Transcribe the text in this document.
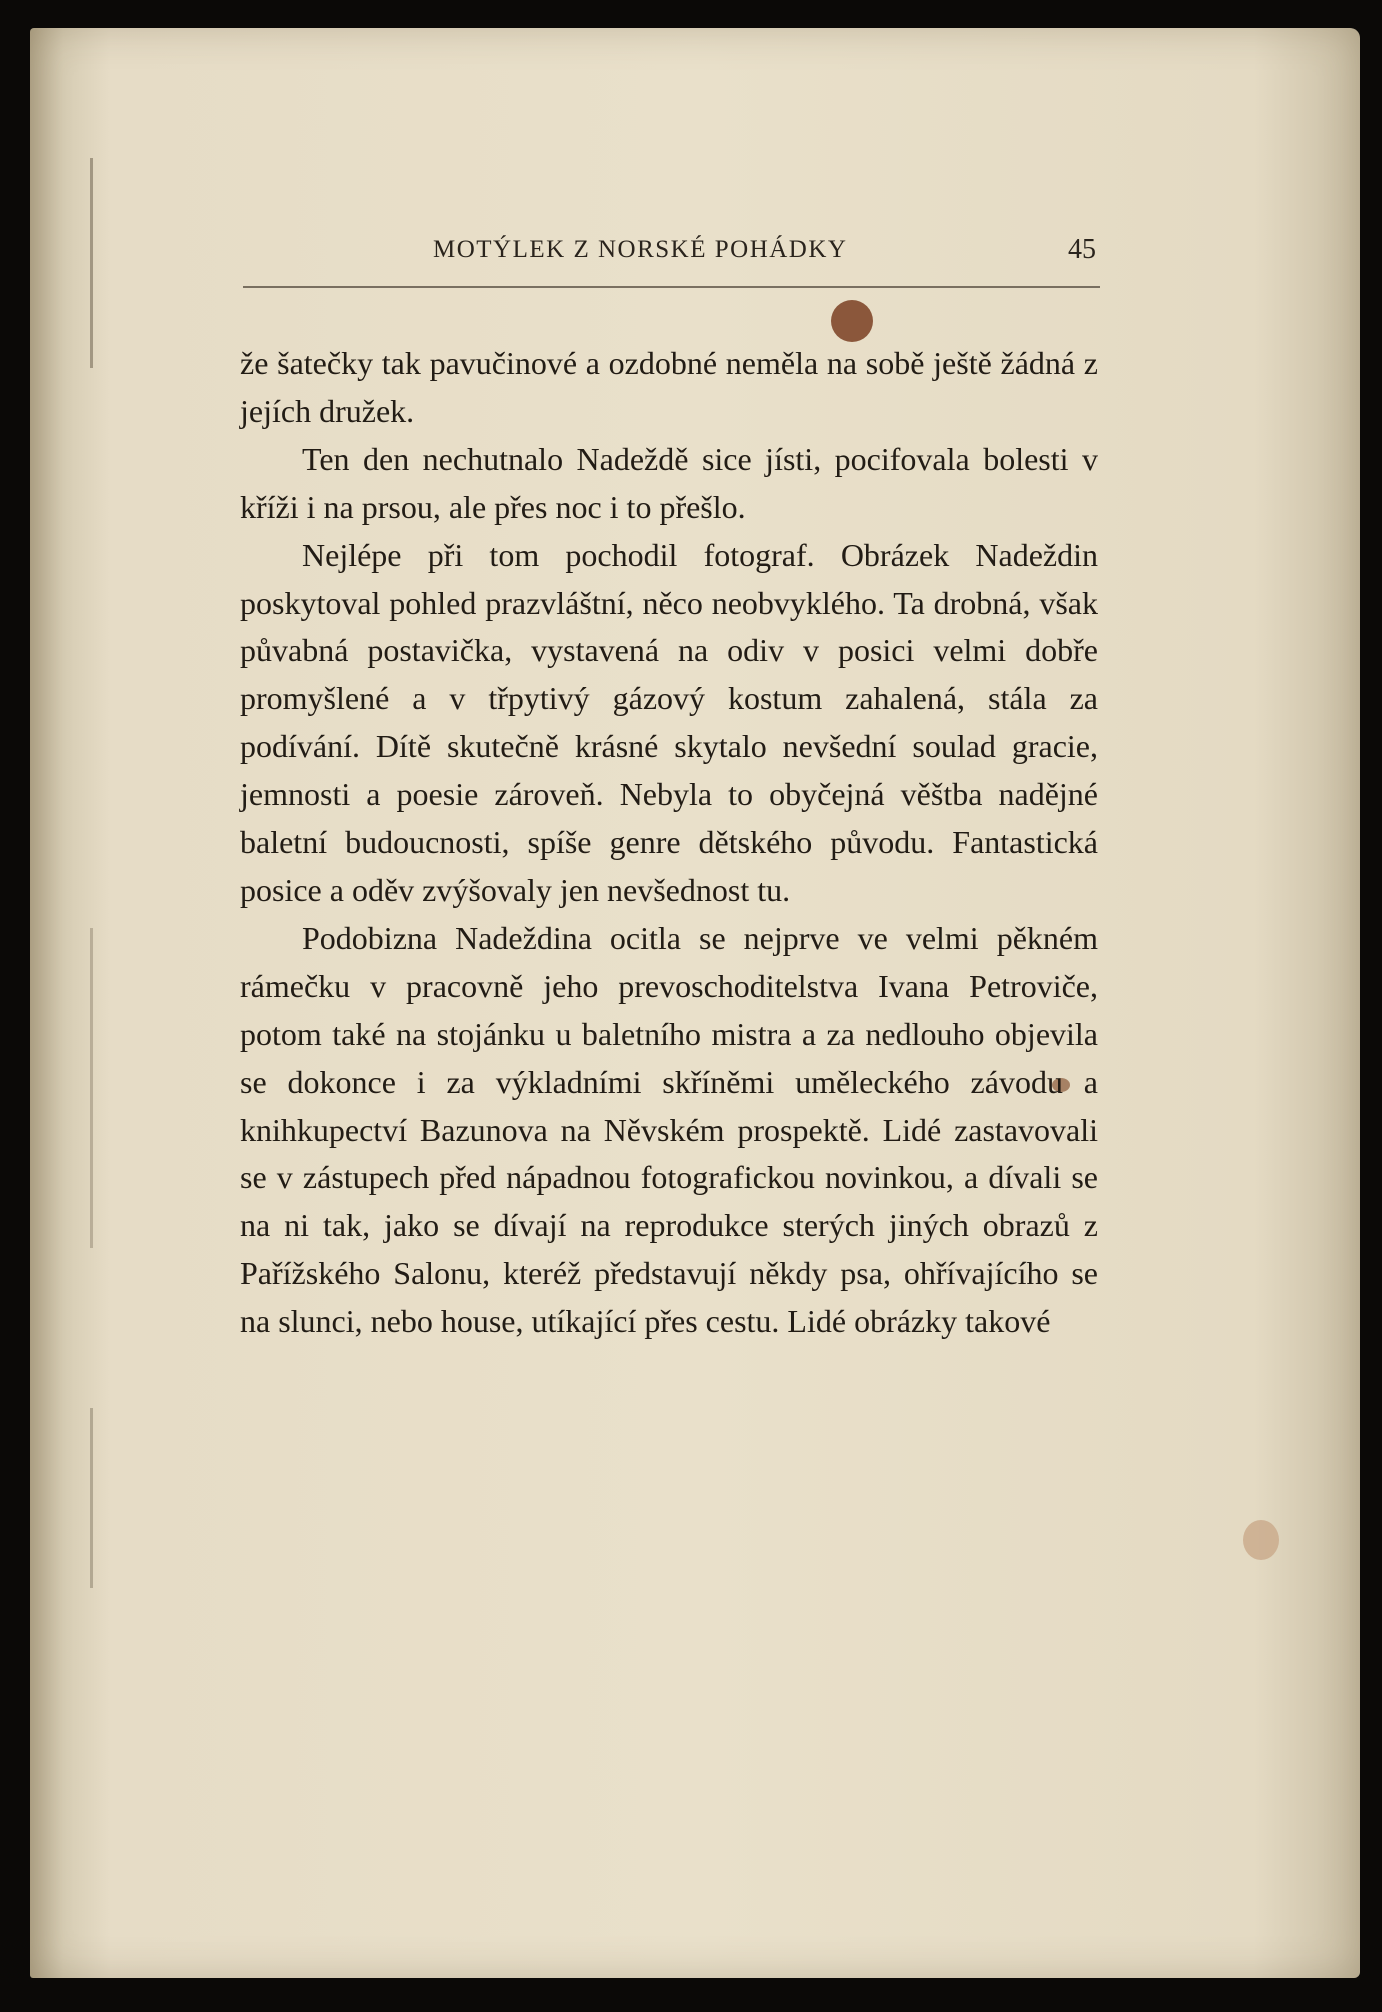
MOTÝLEK Z NORSKÉ POHÁDKY	45

že šatečky tak pavučinové a ozdobné neměla na sobě ještě žádná z jejích družek.

Ten den nechutnalo Nadeždě sice jísti, pocifovala bolesti v kříži i na prsou, ale přes noc i to přešlo.

Nejlépe při tom pochodil fotograf. Obrázek Nadeždin poskytoval pohled prazvláštní, něco neobvyklého. Ta drobná, však půvabná postavička, vystavená na odiv v posici velmi dobře promyšlené a v třpytivý gázový kostum zahalená, stála za podívání. Dítě skutečně krásné skytalo nevšední soulad gracie, jemnosti a poesie zároveň. Nebyla to obyčejná věštba nadějné baletní budoucnosti, spíše genre dětského původu. Fantastická posice a oděv zvýšovaly jen nevšednost tu.

Podobizna Nadeždina ocitla se nejprve ve velmi pěkném rámečku v pracovně jeho prevoschoditelstva Ivana Petroviče, potom také na stojánku u baletního mistra a za nedlouho objevila se dokonce i za výkladními skříněmi uměleckého závodu a knihkupectví Bazunova na Něvském prospektě. Lidé zastavovali se v zástupech před nápadnou fotografickou novinkou, a dívali se na ni tak, jako se dívají na reprodukce sterých jiných obrazů z Pařížského Salonu, kteréž představují někdy psa, ohřívajícího se na slunci, nebo house, utíkající přes cestu. Lidé obrázky takové
